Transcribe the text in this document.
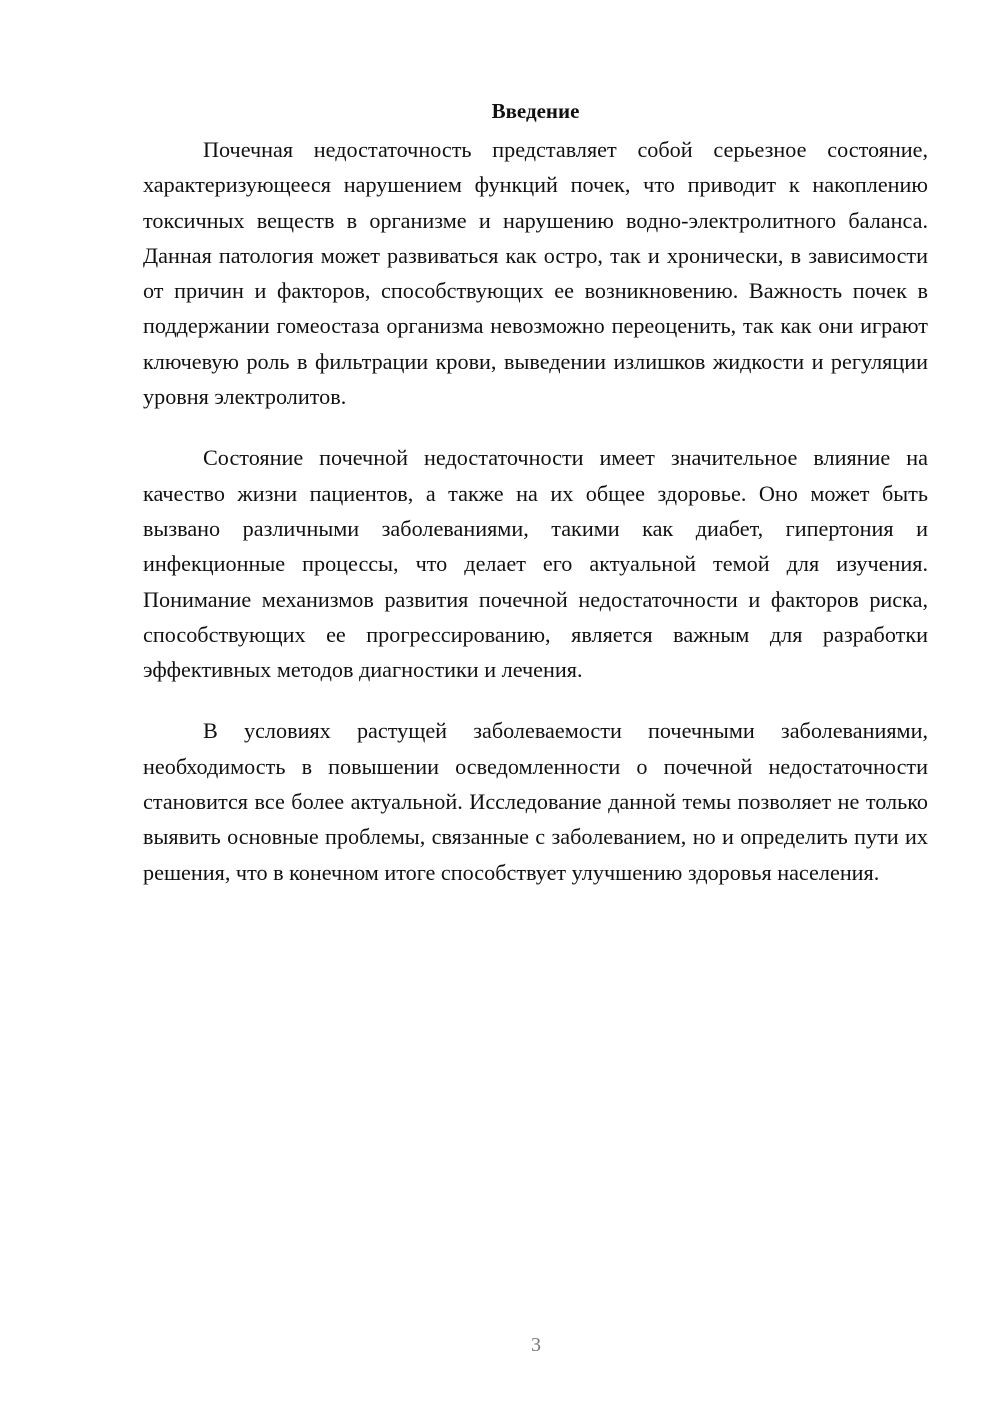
Введение

Почечная недостаточность представляет собой серьезное состояние, характеризующееся нарушением функций почек, что приводит к накоплению токсичных веществ в организме и нарушению водно-электролитного баланса. Данная патология может развиваться как остро, так и хронически, в зависимости от причин и факторов, способствующих ее возникновению. Важность почек в поддержании гомеостаза организма невозможно переоценить, так как они играют ключевую роль в фильтрации крови, выведении излишков жидкости и регуляции уровня электролитов.

Состояние почечной недостаточности имеет значительное влияние на качество жизни пациентов, а также на их общее здоровье. Оно может быть вызвано различными заболеваниями, такими как диабет, гипертония и инфекционные процессы, что делает его актуальной темой для изучения. Понимание механизмов развития почечной недостаточности и факторов риска, способствующих ее прогрессированию, является важным для разработки эффективных методов диагностики и лечения.

В условиях растущей заболеваемости почечными заболеваниями, необходимость в повышении осведомленности о почечной недостаточности становится все более актуальной. Исследование данной темы позволяет не только выявить основные проблемы, связанные с заболеванием, но и определить пути их решения, что в конечном итоге способствует улучшению здоровья населения.

3
